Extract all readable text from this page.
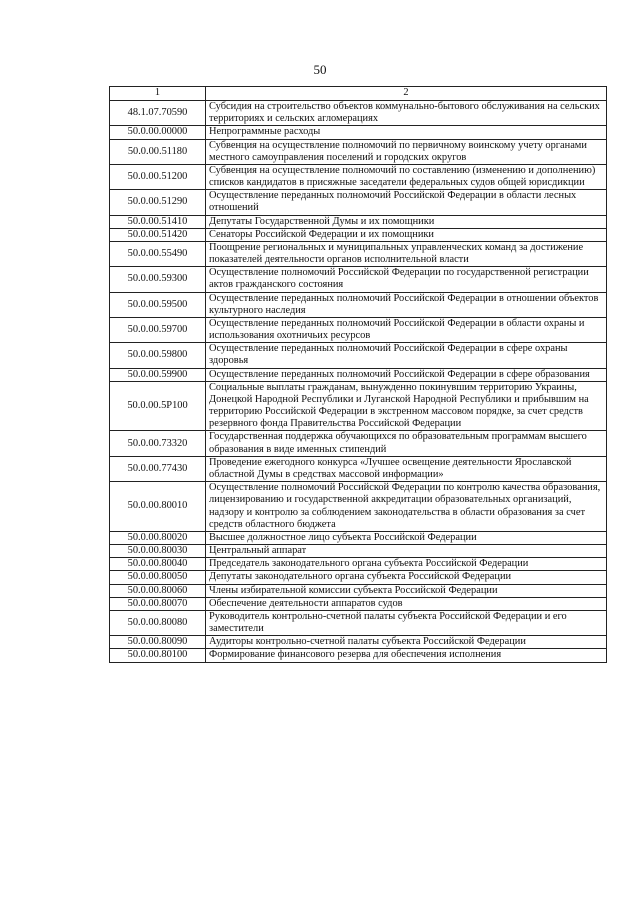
50
1	2
48.1.07.70590	Субсидия на строительство объектов коммунально-бытового обслуживания на сельских территориях и сельских агломерациях
50.0.00.00000	Непрограммные расходы
50.0.00.51180	Субвенция на осуществление полномочий по первичному воинскому учету органами местного самоуправления поселений и городских округов
50.0.00.51200	Субвенция на осуществление полномочий по составлению (изменению и дополнению) списков кандидатов в присяжные заседатели федеральных судов общей юрисдикции
50.0.00.51290	Осуществление переданных полномочий Российской Федерации в области лесных отношений
50.0.00.51410	Депутаты Государственной Думы и их помощники
50.0.00.51420	Сенаторы Российской Федерации и их помощники
50.0.00.55490	Поощрение региональных и муниципальных управленческих команд за достижение показателей деятельности органов исполнительной власти
50.0.00.59300	Осуществление полномочий Российской Федерации по государственной регистрации актов гражданского состояния
50.0.00.59500	Осуществление переданных полномочий Российской Федерации в отношении объектов культурного наследия
50.0.00.59700	Осуществление переданных полномочий Российской Федерации в области охраны и использования охотничьих ресурсов
50.0.00.59800	Осуществление переданных полномочий Российской Федерации в сфере охраны здоровья
50.0.00.59900	Осуществление переданных полномочий Российской Федерации в сфере образования
50.0.00.5P100	Социальные выплаты гражданам, вынужденно покинувшим территорию Украины, Донецкой Народной Республики и Луганской Народной Республики и прибывшим на территорию Российской Федерации в экстренном массовом порядке, за счет средств резервного фонда Правительства Российской Федерации
50.0.00.73320	Государственная поддержка обучающихся по образовательным программам высшего образования в виде именных стипендий
50.0.00.77430	Проведение ежегодного конкурса «Лучшее освещение деятельности Ярославской областной Думы в средствах массовой информации»
50.0.00.80010	Осуществление полномочий Российской Федерации по контролю качества образования, лицензированию и государственной аккредитации образовательных организаций, надзору и контролю за соблюдением законодательства в области образования за счет средств областного бюджета
50.0.00.80020	Высшее должностное лицо субъекта Российской Федерации
50.0.00.80030	Центральный аппарат
50.0.00.80040	Председатель законодательного органа субъекта Российской Федерации
50.0.00.80050	Депутаты законодательного органа субъекта Российской Федерации
50.0.00.80060	Члены избирательной комиссии субъекта Российской Федерации
50.0.00.80070	Обеспечение деятельности аппаратов судов
50.0.00.80080	Руководитель контрольно-счетной палаты субъекта Российской Федерации и его заместители
50.0.00.80090	Аудиторы контрольно-счетной палаты субъекта Российской Федерации
50.0.00.80100	Формирование финансового резерва для обеспечения исполнения
